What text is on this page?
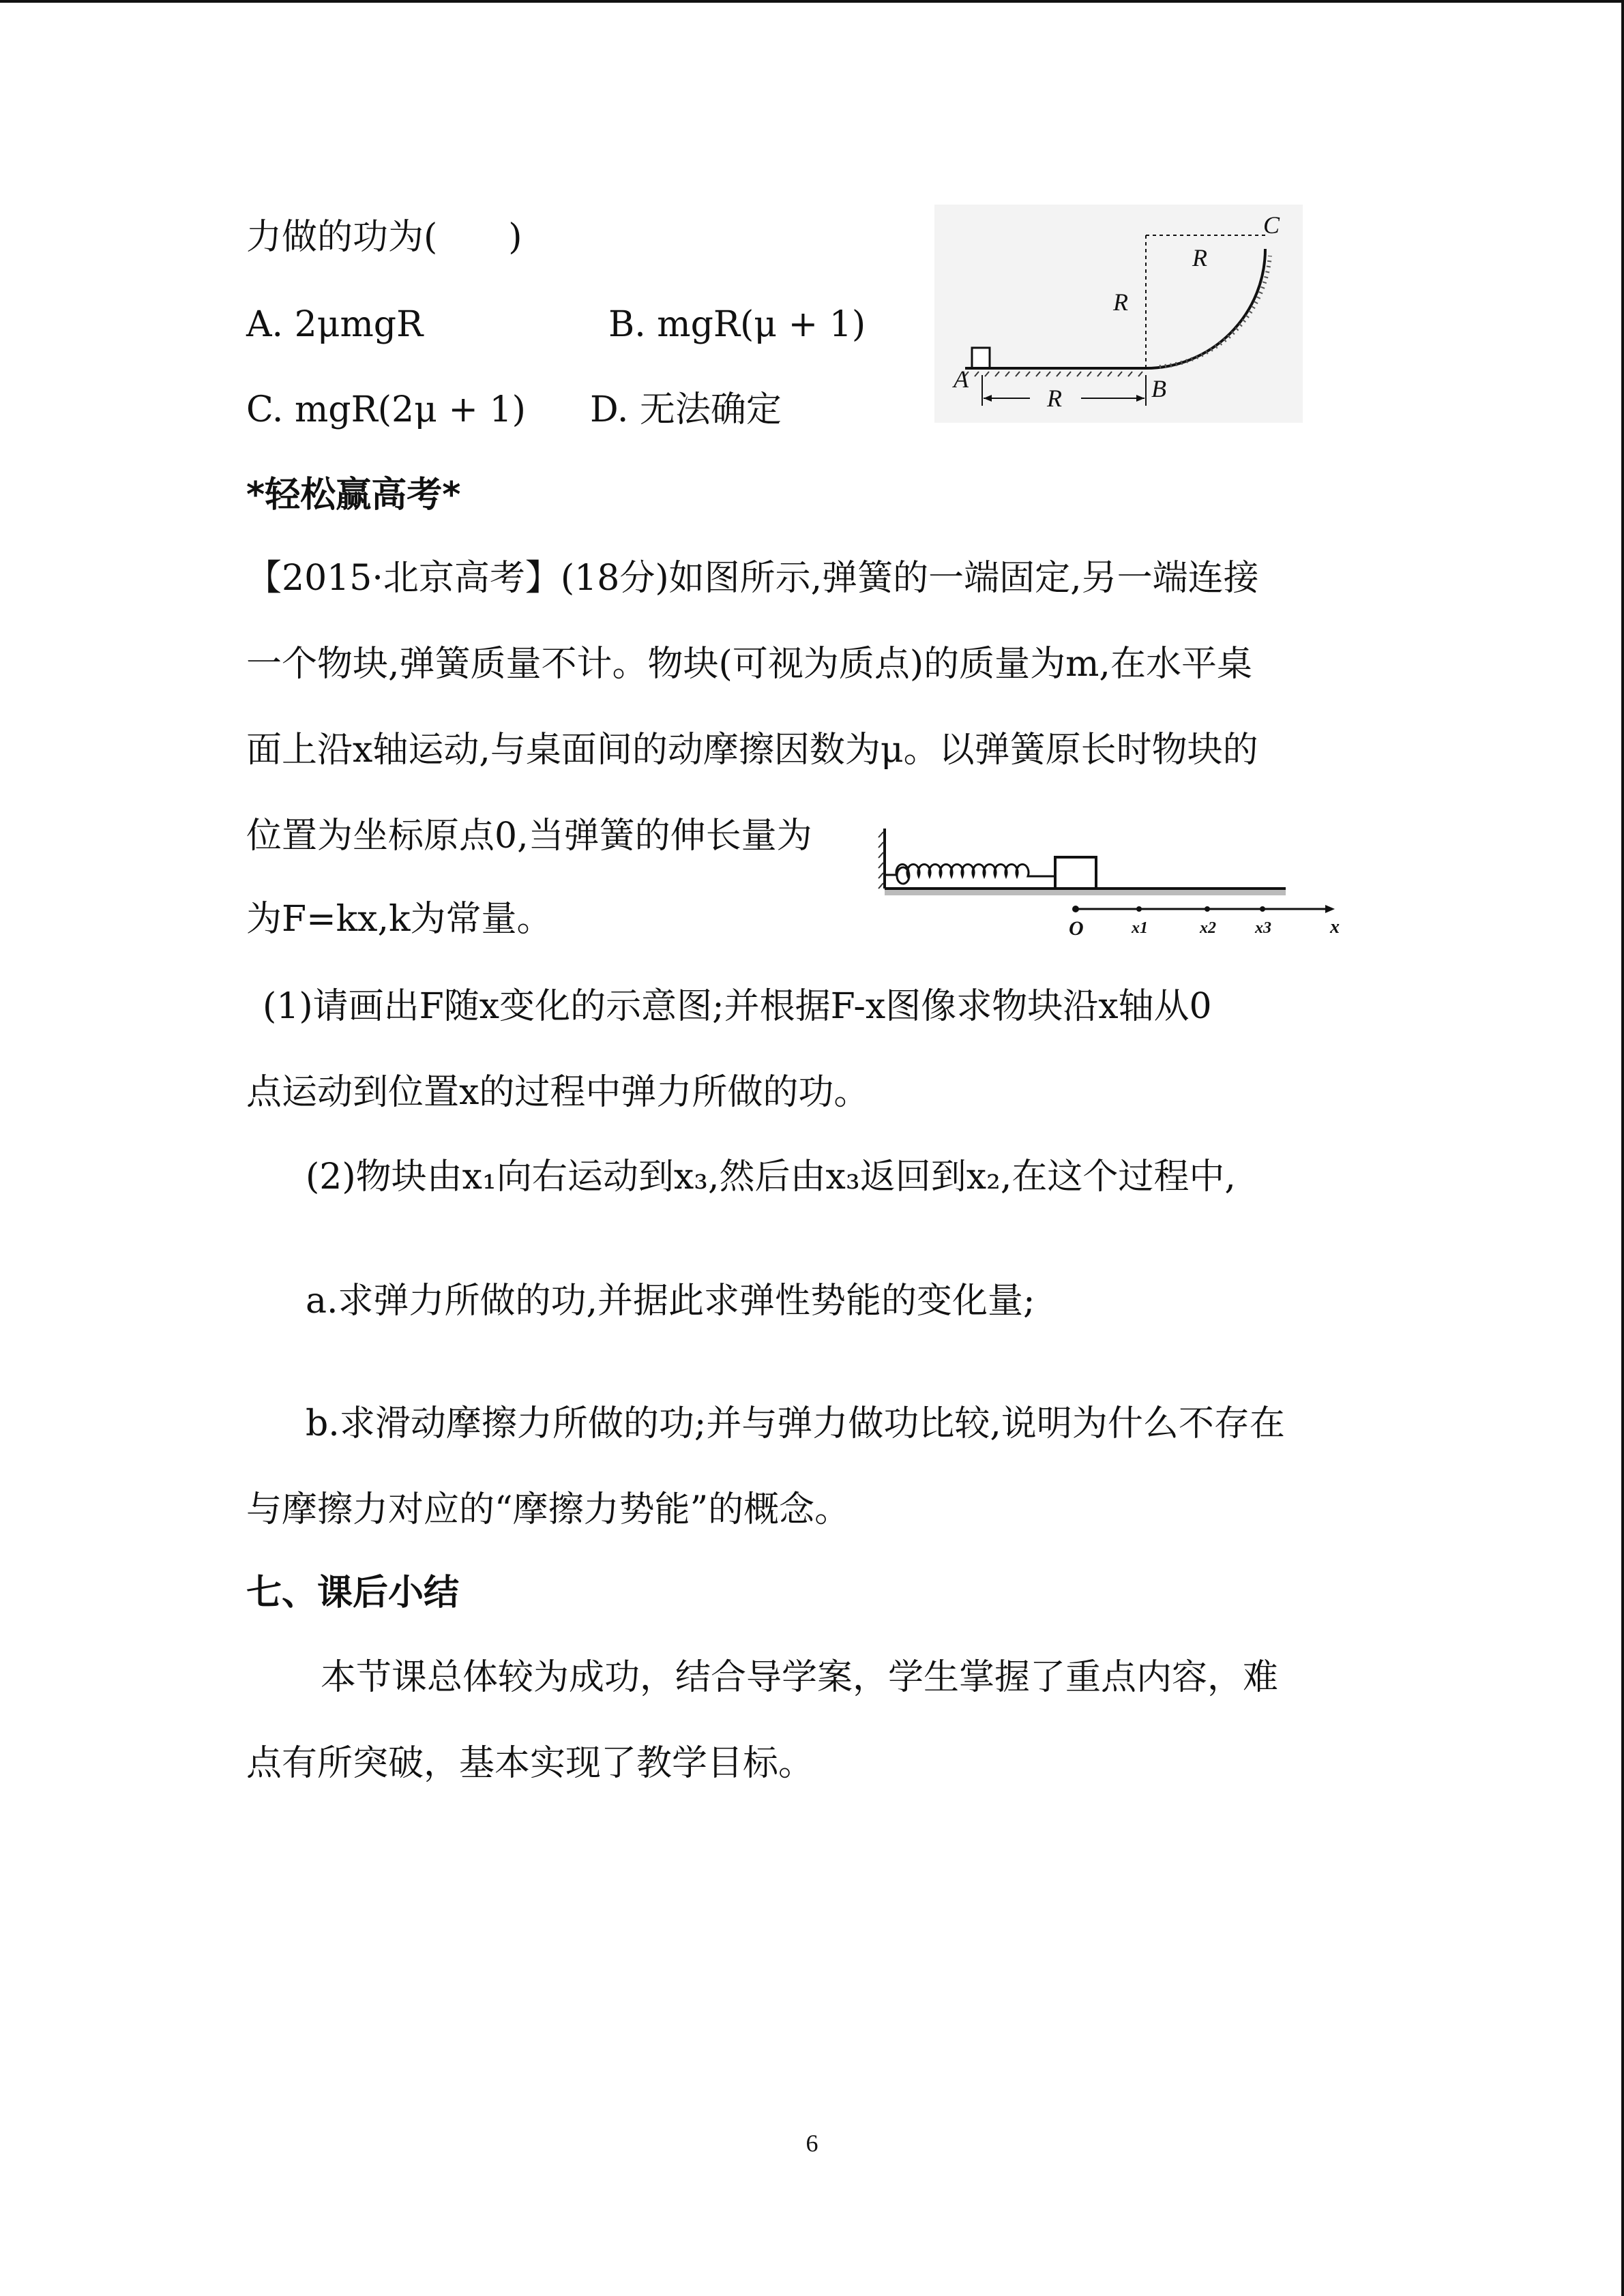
力做的功为(　　)
A. 2μmgR	B. mgR(μ + 1)
C. mgR(2μ + 1) D. 无法确定
A	B
C
R
R
R
*轻松赢高考*
【2015·北京高考】(18分)如图所示,弹簧的一端固定,另一端连接
一个物块,弹簧质量不计。物块(可视为质点)的质量为m,在水平桌
面上沿x轴运动,与桌面间的动摩擦因数为μ。以弹簧原长时物块的
位置为坐标原点0,当弹簧的伸长量为
为F=kx,k为常量。	O	x1	x2 x3	x
(1)请画出F随x变化的示意图;并根据F-x图像求物块沿x轴从0
点运动到位置x的过程中弹力所做的功。
(2)物块由x₁向右运动到x₃,然后由x₃返回到x₂,在这个过程中,
a.求弹力所做的功,并据此求弹性势能的变化量;
b.求滑动摩擦力所做的功;并与弹力做功比较,说明为什么不存在
与摩擦力对应的“摩擦力势能”的概念。
七、课后小结
本节课总体较为成功，结合导学案，学生掌握了重点内容，难
点有所突破，基本实现了教学目标。
6
